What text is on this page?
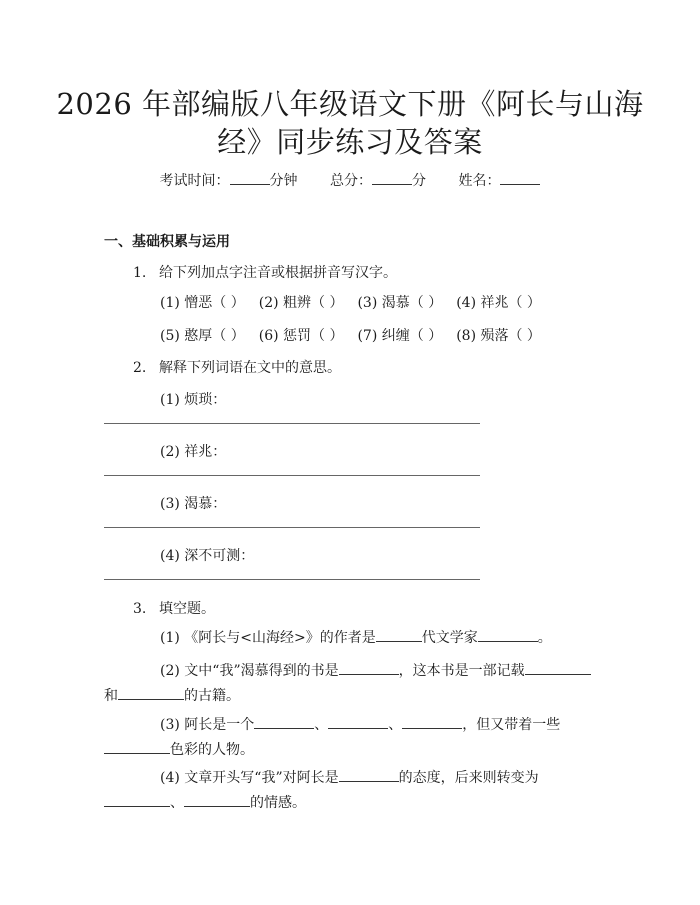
2026 年部编版八年级语文下册《阿长与山海
经》同步练习及答案
考试时间：	分钟 总分：	分 姓名：
一、基础积累与运用
1. 给下列加点字注音或根据拼音写汉字。
(1) 憎恶（ ） (2) 粗辨（ ） (3) 渴慕（ ） (4) 祥兆（ ）
(5) 憨厚（ ） (6) 惩罚（ ） (7) 纠缠（ ） (8) 殒落（ ）
2. 解释下列词语在文中的意思。
(1) 烦琐：
(2) 祥兆：
(3) 渴慕：
(4) 深不可测：
3. 填空题。
(1) 《阿长与<山海经>》的作者是	代文学家	。
(2) 文中“我”渴慕得到的书是	，这本书是一部记载和	的古籍。
(3) 阿长是一个	、	、	，但又带着一些色彩的人物。
(4) 文章开头写“我”对阿长是	的态度，后来则转变为、	的情感。
